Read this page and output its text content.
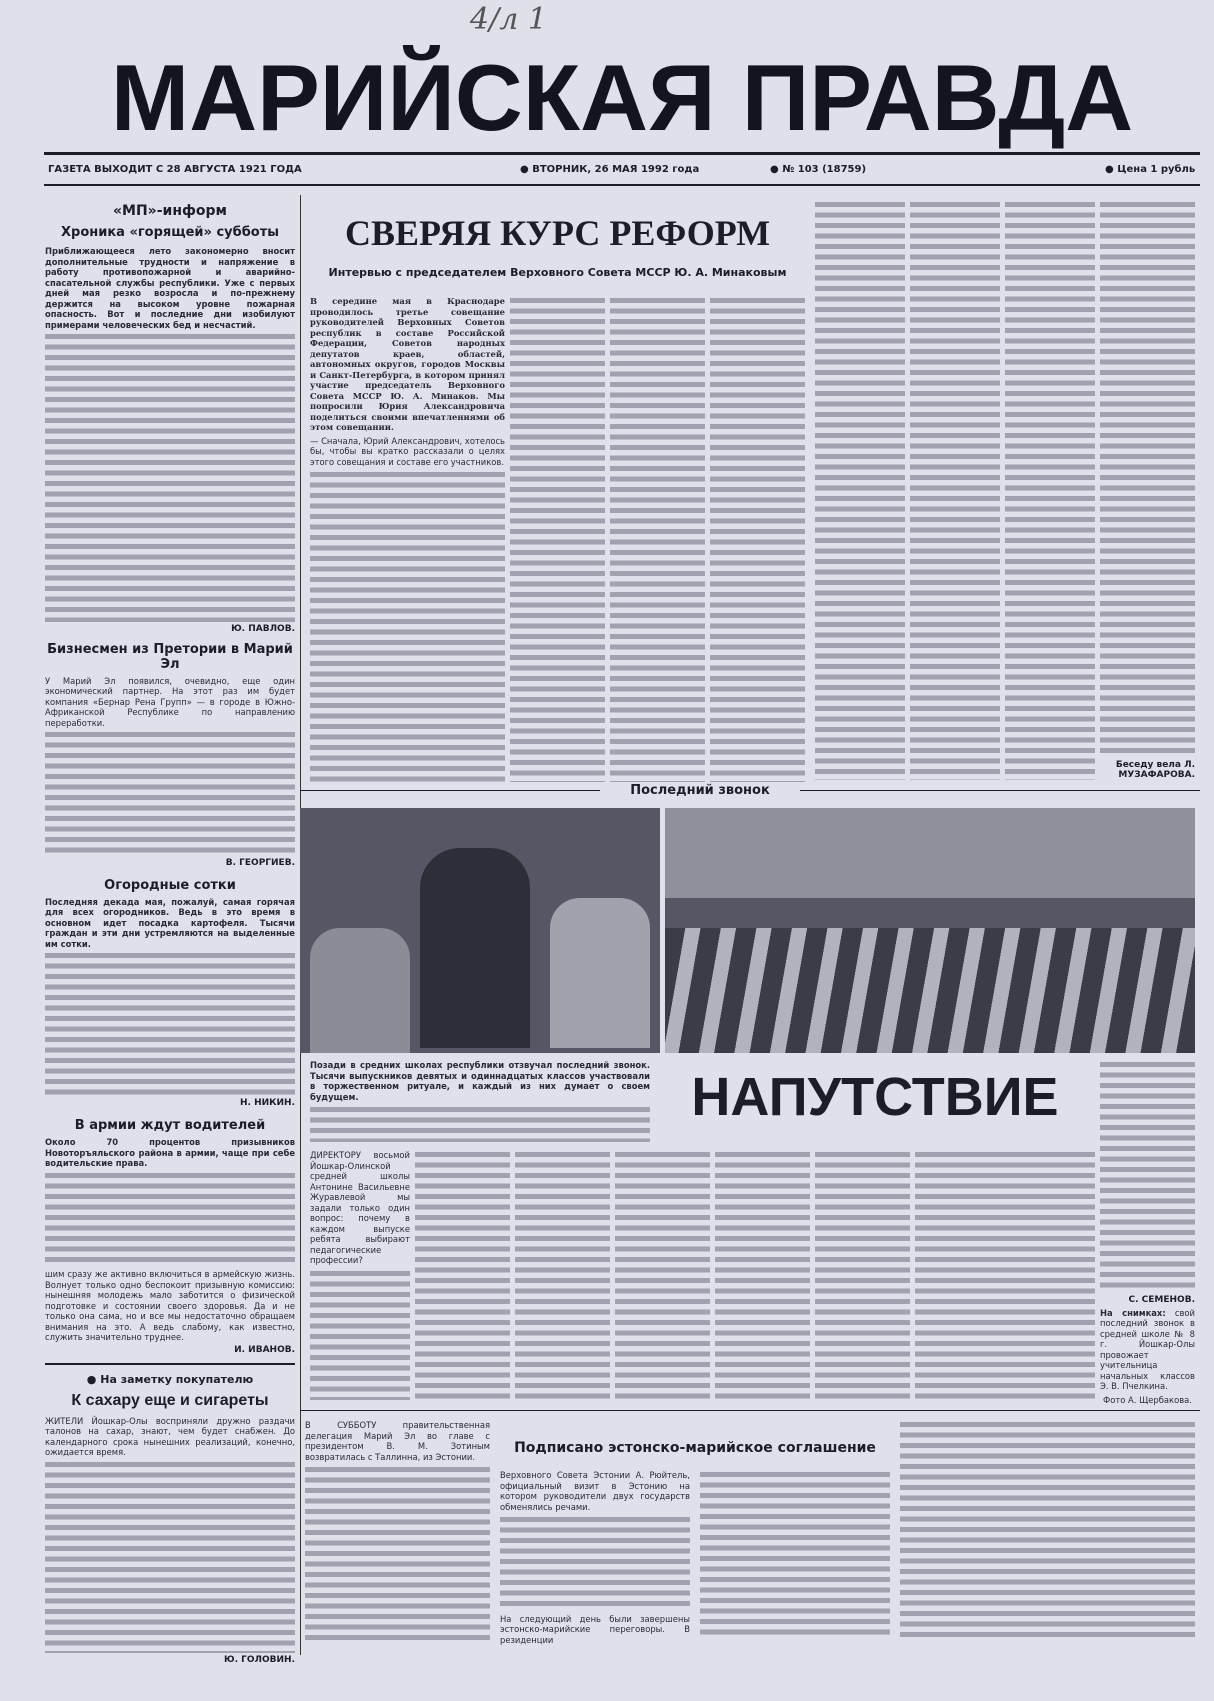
4/л 1
МАРИЙСКАЯ ПРАВДА
ГАЗЕТА ВЫХОДИТ С 28 АВГУСТА 1921 ГОДА	● ВТОРНИК, 26 МАЯ 1992 года	● № 103 (18759)	● Цена 1 рубль
«МП»-информ
Хроника «горящей» субботы
Приближающееся лето закономерно вносит дополнительные трудности и напряжение в работу противопожарной и аварийно-спасательной службы республики. Уже с первых дней мая резко возросла и по-прежнему держится на высоком уровне пожарная опасность. Вот и последние дни изобилуют примерами человеческих бед и несчастий.
Ю. ПАВЛОВ.
Бизнесмен из Претории в Марий Эл
У Марий Эл появился, очевидно, еще один экономический партнер. На этот раз им будет компания «Бернар Рена Групп» — в городе в Южно-Африканской Республике по направлению переработки.
В. ГЕОРГИЕВ.
Огородные сотки
Последняя декада мая, пожалуй, самая горячая для всех огородников. Ведь в это время в основном идет посадка картофеля. Тысячи граждан и эти дни устремляются на выделенные им сотки.
Н. НИКИН.
В армии ждут водителей
Около 70 процентов призывников Новоторъяльского района в армии, чаще при себе водительские права.
шим сразу же активно включиться в армейскую жизнь. Волнует только одно беспокоит призывную комиссию: нынешняя молодежь мало заботится о физической подготовке и состоянии своего здоровья. Да и не только она сама, но и все мы недостаточно обращаем внимания на это. А ведь слабому, как известно, служить значительно труднее.
И. ИВАНОВ.
● На заметку покупателю
К сахару еще и сигареты
ЖИТЕЛИ Йошкар-Олы восприняли дружно раздачи талонов на сахар, знают, чем будет снабжен. До календарного срока нынешних реализаций, конечно, ожидается время.
Ю. ГОЛОВИН.
СВЕРЯЯ КУРС РЕФОРМ
Интервью с председателем Верховного Совета МССР Ю. А. Минаковым
В середине мая в Краснодаре проводилось третье совещание руководителей Верховных Советов республик в составе Российской Федерации, Советов народных депутатов краев, областей, автономных округов, городов Москвы и Санкт-Петербурга, в котором принял участие председатель Верховного Совета МССР Ю. А. Минаков. Мы попросили Юрия Александровича поделиться своими впечатлениями об этом совещании.
— Сначала, Юрий Александрович, хотелось бы, чтобы вы кратко рассказали о целях этого совещания и составе его участников.
Беседу вела Л. МУЗАФАРОВА.
Последний звонок
Позади в средних школах республики отзвучал последний звонок. Тысячи выпускников девятых и одиннадцатых классов участвовали в торжественном ритуале, и каждый из них думает о своем будущем.	НАПУТСТВИЕ
ДИРЕКТОРУ восьмой Йошкар-Олинской средней школы Антонине Васильевне Журавлевой мы задали только один вопрос: почему в каждом выпуске ребята выбирают педагогические профессии?
С. СЕМЕНОВ.
На снимках: свой последний звонок в средней школе № 8 г. Йошкар-Олы провожает учительница начальных классов Э. В. Пчелкина.
Фото А. Щербакова.
В СУББОТУ правительственная делегация Марий Эл во главе с президентом В. М. Зотиным возвратилась с Таллинна, из Эстонии.
Подписано эстонско-марийское соглашение
Верховного Совета Эстонии А. Рюйтель, официальный визит в Эстонию на котором руководители двух государств обменялись речами.
На следующий день были завершены эстонско-марийские переговоры. В резиденции
